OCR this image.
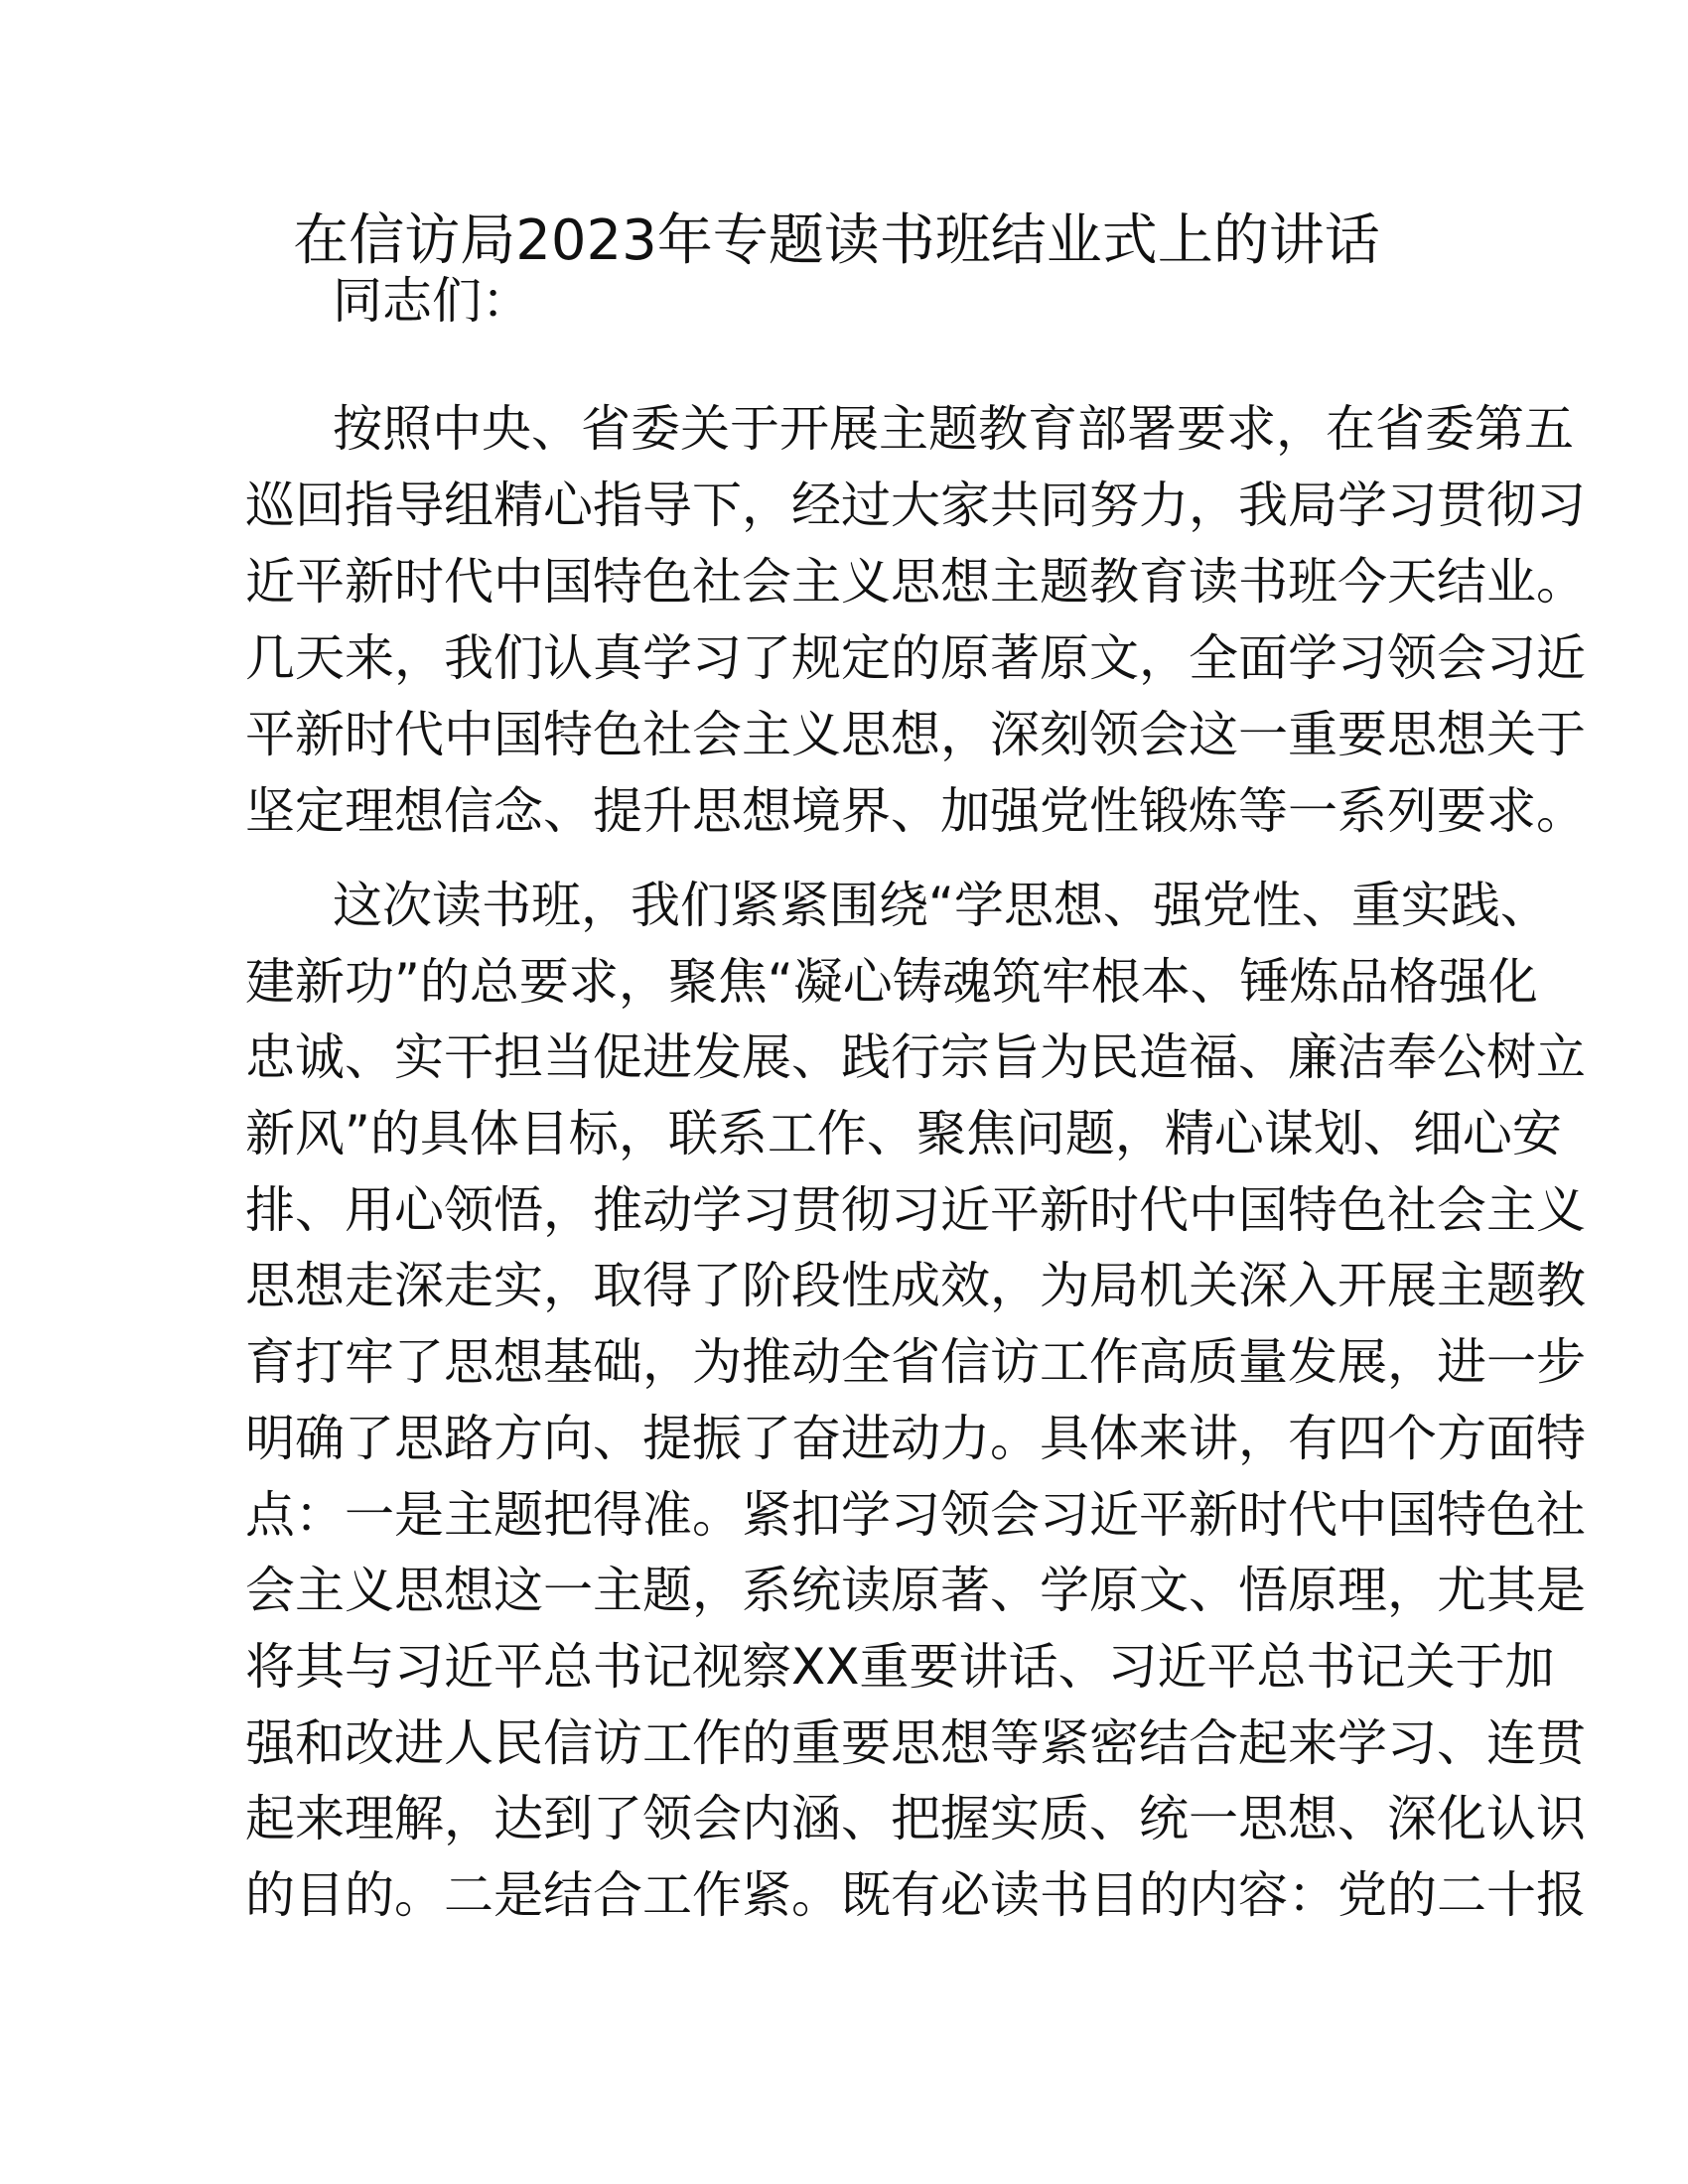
在信访局2023年专题读书班结业式上的讲话
同志们：
按照中央、省委关于开展主题教育部署要求，在省委第五
巡回指导组精心指导下，经过大家共同努力，我局学习贯彻习
近平新时代中国特色社会主义思想主题教育读书班今天结业。
几天来，我们认真学习了规定的原著原文，全面学习领会习近
平新时代中国特色社会主义思想，深刻领会这一重要思想关于
坚定理想信念、提升思想境界、加强党性锻炼等一系列要求。
这次读书班，我们紧紧围绕“学思想、强党性、重实践、
建新功”的总要求，聚焦“凝心铸魂筑牢根本、锤炼品格强化
忠诚、实干担当促进发展、践行宗旨为民造福、廉洁奉公树立
新风”的具体目标，联系工作、聚焦问题，精心谋划、细心安
排、用心领悟，推动学习贯彻习近平新时代中国特色社会主义
思想走深走实，取得了阶段性成效，为局机关深入开展主题教
育打牢了思想基础，为推动全省信访工作高质量发展，进一步
明确了思路方向、提振了奋进动力。具体来讲，有四个方面特
点：一是主题把得准。紧扣学习领会习近平新时代中国特色社
会主义思想这一主题，系统读原著、学原文、悟原理，尤其是
将其与习近平总书记视察XX重要讲话、习近平总书记关于加
强和改进人民信访工作的重要思想等紧密结合起来学习、连贯
起来理解，达到了领会内涵、把握实质、统一思想、深化认识
的目的。二是结合工作紧。既有必读书目的内容：党的二十报
